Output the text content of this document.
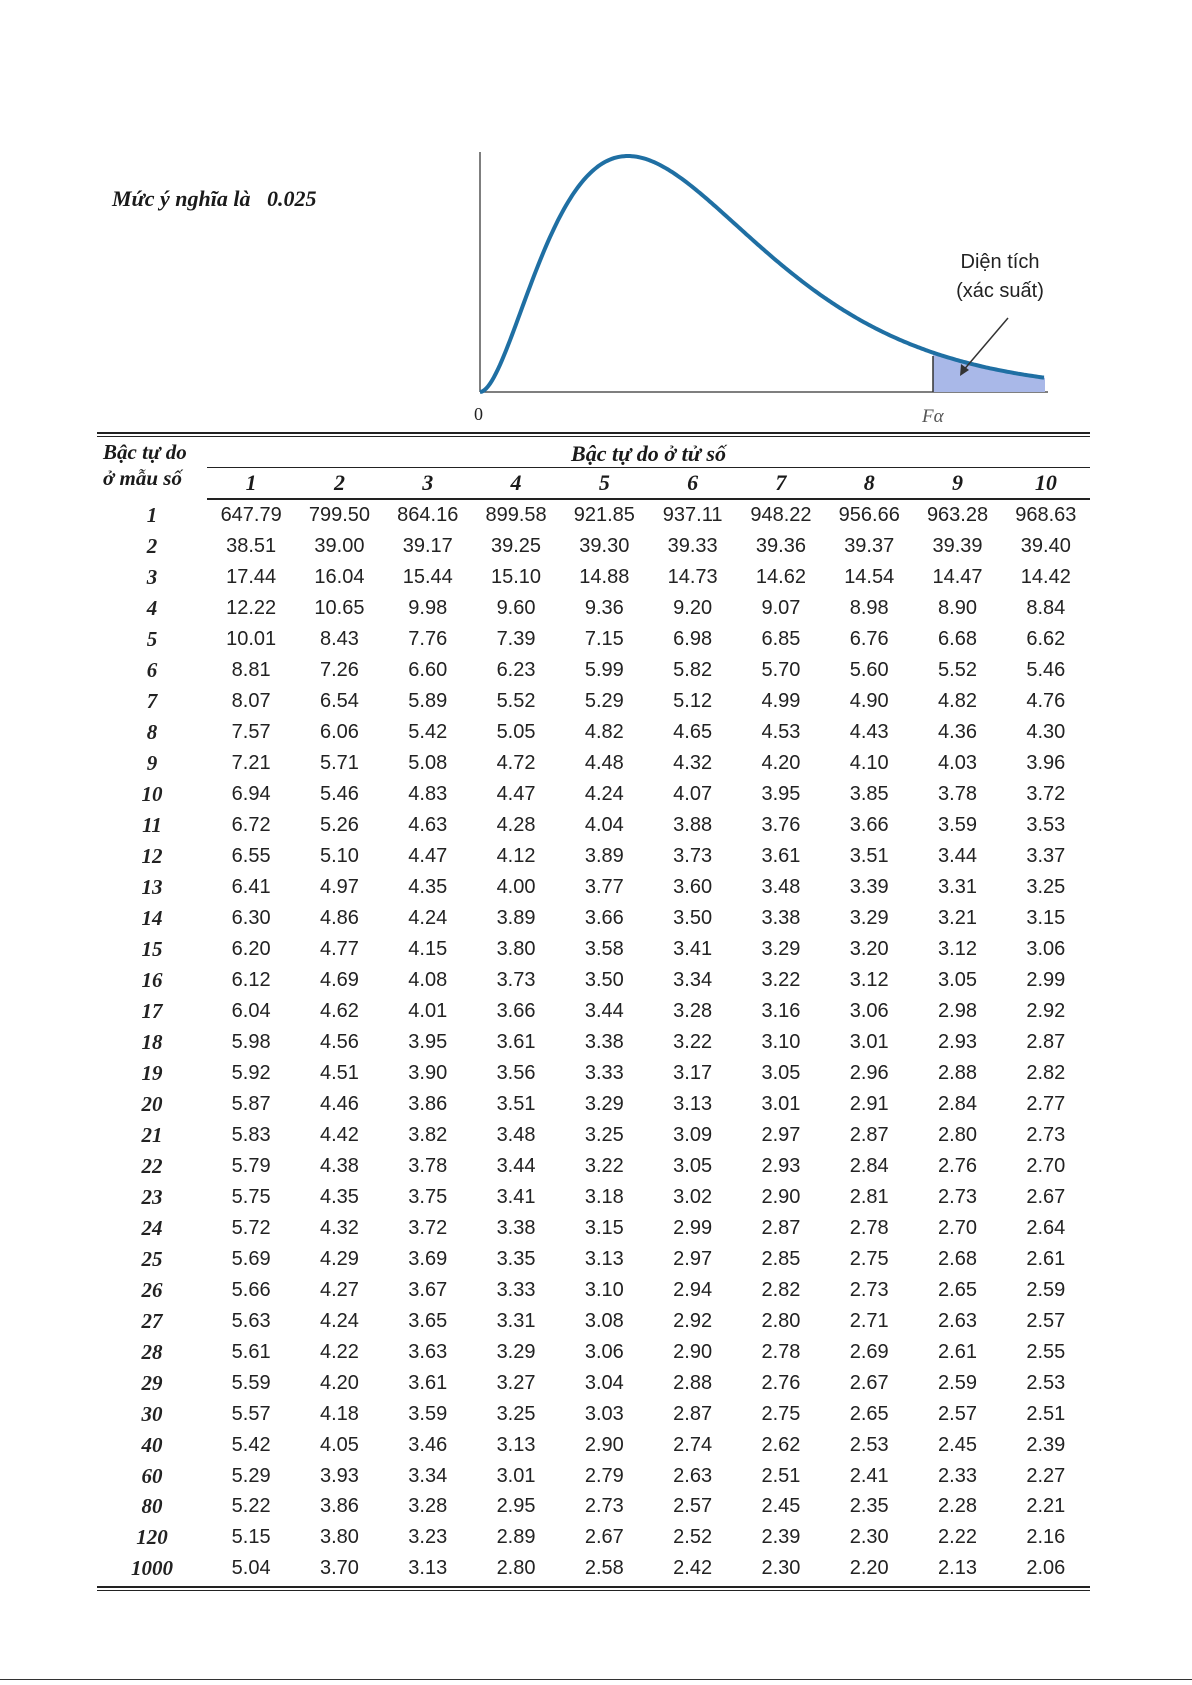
Mức ý nghĩa là 0.025
Diện tích
(xác suất)
0	Fα
Bậc tự do
ở mẫu số	Bậc tự do ở tử số									
	1	2	3	4	5	6	7	8	9	10
1	647.79	799.50	864.16	899.58	921.85	937.11	948.22	956.66	963.28	968.63
2	38.51	39.00	39.17	39.25	39.30	39.33	39.36	39.37	39.39	39.40
3	17.44	16.04	15.44	15.10	14.88	14.73	14.62	14.54	14.47	14.42
4	12.22	10.65	9.98	9.60	9.36	9.20	9.07	8.98	8.90	8.84
5	10.01	8.43	7.76	7.39	7.15	6.98	6.85	6.76	6.68	6.62
6	8.81	7.26	6.60	6.23	5.99	5.82	5.70	5.60	5.52	5.46
7	8.07	6.54	5.89	5.52	5.29	5.12	4.99	4.90	4.82	4.76
8	7.57	6.06	5.42	5.05	4.82	4.65	4.53	4.43	4.36	4.30
9	7.21	5.71	5.08	4.72	4.48	4.32	4.20	4.10	4.03	3.96
10	6.94	5.46	4.83	4.47	4.24	4.07	3.95	3.85	3.78	3.72
11	6.72	5.26	4.63	4.28	4.04	3.88	3.76	3.66	3.59	3.53
12	6.55	5.10	4.47	4.12	3.89	3.73	3.61	3.51	3.44	3.37
13	6.41	4.97	4.35	4.00	3.77	3.60	3.48	3.39	3.31	3.25
14	6.30	4.86	4.24	3.89	3.66	3.50	3.38	3.29	3.21	3.15
15	6.20	4.77	4.15	3.80	3.58	3.41	3.29	3.20	3.12	3.06
16	6.12	4.69	4.08	3.73	3.50	3.34	3.22	3.12	3.05	2.99
17	6.04	4.62	4.01	3.66	3.44	3.28	3.16	3.06	2.98	2.92
18	5.98	4.56	3.95	3.61	3.38	3.22	3.10	3.01	2.93	2.87
19	5.92	4.51	3.90	3.56	3.33	3.17	3.05	2.96	2.88	2.82
20	5.87	4.46	3.86	3.51	3.29	3.13	3.01	2.91	2.84	2.77
21	5.83	4.42	3.82	3.48	3.25	3.09	2.97	2.87	2.80	2.73
22	5.79	4.38	3.78	3.44	3.22	3.05	2.93	2.84	2.76	2.70
23	5.75	4.35	3.75	3.41	3.18	3.02	2.90	2.81	2.73	2.67
24	5.72	4.32	3.72	3.38	3.15	2.99	2.87	2.78	2.70	2.64
25	5.69	4.29	3.69	3.35	3.13	2.97	2.85	2.75	2.68	2.61
26	5.66	4.27	3.67	3.33	3.10	2.94	2.82	2.73	2.65	2.59
27	5.63	4.24	3.65	3.31	3.08	2.92	2.80	2.71	2.63	2.57
28	5.61	4.22	3.63	3.29	3.06	2.90	2.78	2.69	2.61	2.55
29	5.59	4.20	3.61	3.27	3.04	2.88	2.76	2.67	2.59	2.53
30	5.57	4.18	3.59	3.25	3.03	2.87	2.75	2.65	2.57	2.51
40	5.42	4.05	3.46	3.13	2.90	2.74	2.62	2.53	2.45	2.39
60	5.29	3.93	3.34	3.01	2.79	2.63	2.51	2.41	2.33	2.27
80	5.22	3.86	3.28	2.95	2.73	2.57	2.45	2.35	2.28	2.21
120	5.15	3.80	3.23	2.89	2.67	2.52	2.39	2.30	2.22	2.16
1000	5.04	3.70	3.13	2.80	2.58	2.42	2.30	2.20	2.13	2.06
